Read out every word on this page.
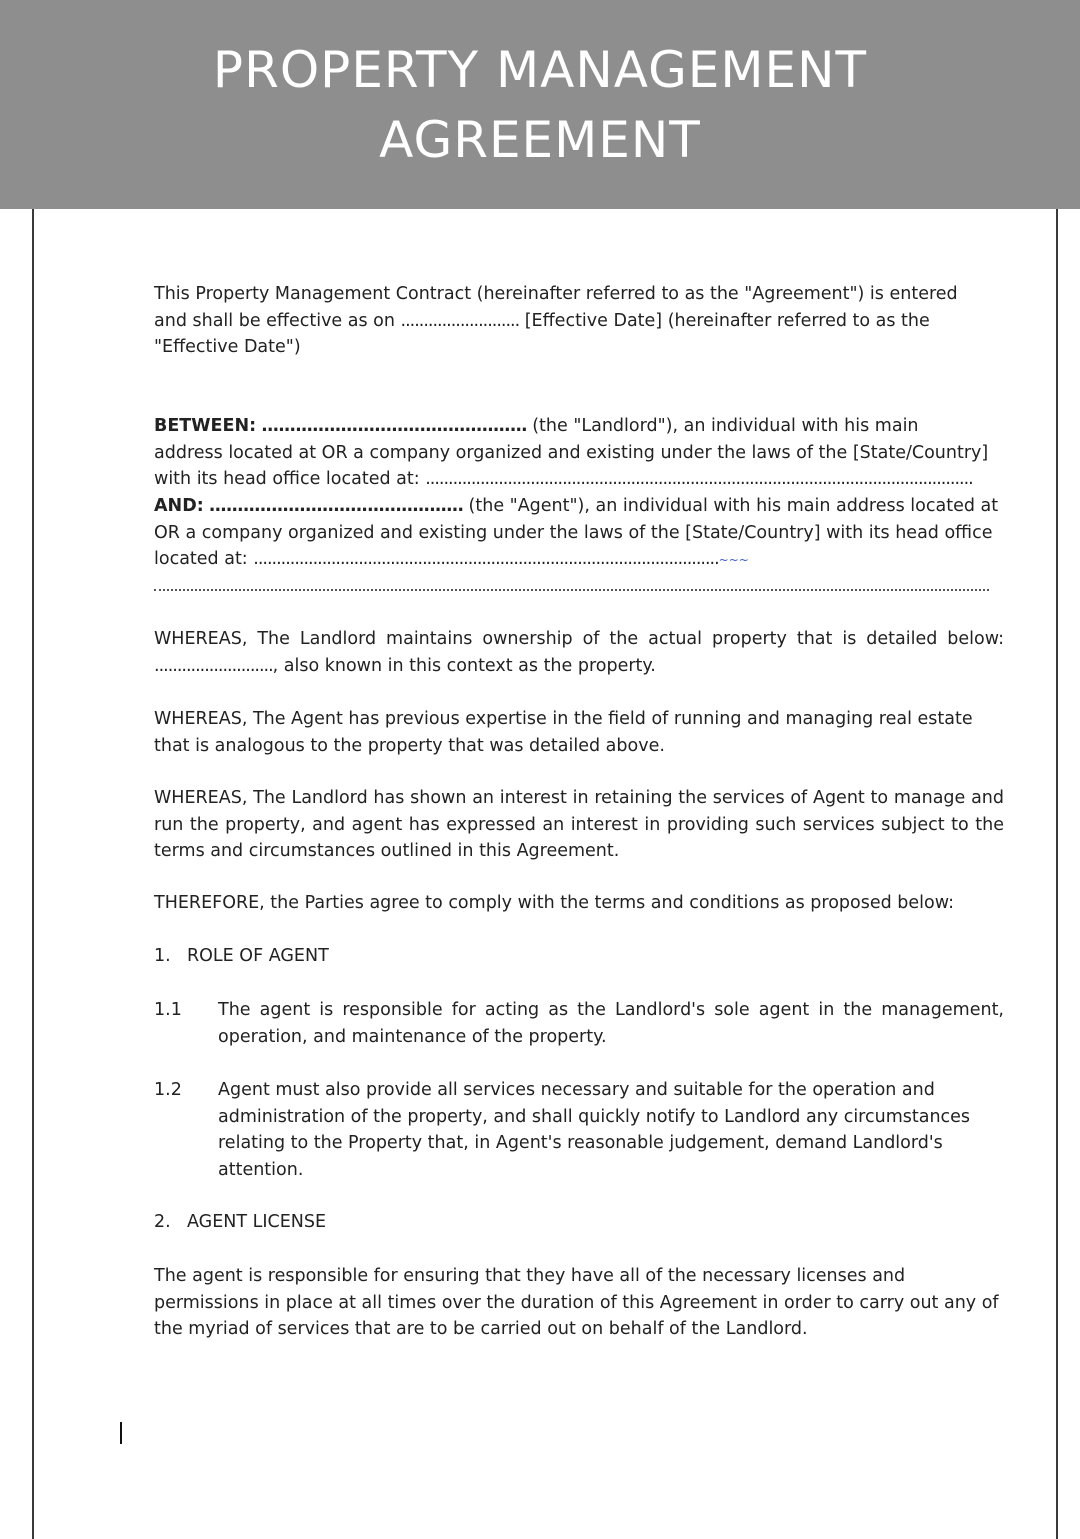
PROPERTY MANAGEMENT
AGREEMENT

This Property Management Contract (hereinafter referred to as the "Agreement") is entered and shall be effective as on .......................... [Effective Date] (hereinafter referred to as the "Effective Date")

BETWEEN: ............................................... (the "Landlord"), an individual with his main address located at OR a company organized and existing under the laws of the [State/Country] with its head office located at: ........................................................................................................................

AND: ............................................. (the "Agent"), an individual with his main address located at OR a company organized and existing under the laws of the [State/Country] with its head office located at: ......................................................................................................~~~

WHEREAS, The Landlord maintains ownership of the actual property that is detailed below: .........................., also known in this context as the property.

WHEREAS, The Agent has previous expertise in the field of running and managing real estate that is analogous to the property that was detailed above.

WHEREAS, The Landlord has shown an interest in retaining the services of Agent to manage and run the property, and agent has expressed an interest in providing such services subject to the terms and circumstances outlined in this Agreement.

THEREFORE, the Parties agree to comply with the terms and conditions as proposed below:

1. ROLE OF AGENT

1.1	The agent is responsible for acting as the Landlord's sole agent in the management, operation, and maintenance of the property.

1.2	Agent must also provide all services necessary and suitable for the operation and administration of the property, and shall quickly notify to Landlord any circumstances relating to the Property that, in Agent's reasonable judgement, demand Landlord's attention.

2. AGENT LICENSE

The agent is responsible for ensuring that they have all of the necessary licenses and permissions in place at all times over the duration of this Agreement in order to carry out any of the myriad of services that are to be carried out on behalf of the Landlord.
